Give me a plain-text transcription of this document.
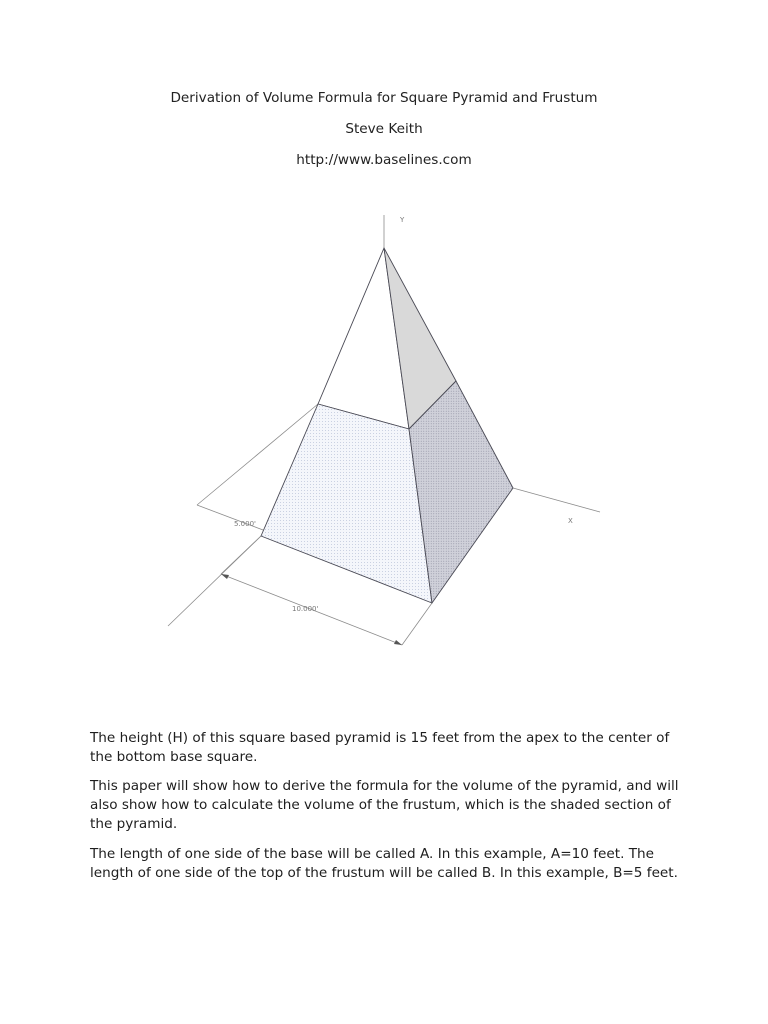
Derivation of Volume Formula for Square Pyramid and Frustum
Steve Keith
http://www.baselines.com
Y
X
5.000'
10.000'

The height (H) of this square based pyramid is 15 feet from the apex to the center of the bottom base square.

This paper will show how to derive the formula for the volume of the pyramid, and will also show how to calculate the volume of the frustum, which is the shaded section of the pyramid.

The length of one side of the base will be called A. In this example, A=10 feet. The length of one side of the top of the frustum will be called B. In this example, B=5 feet.
